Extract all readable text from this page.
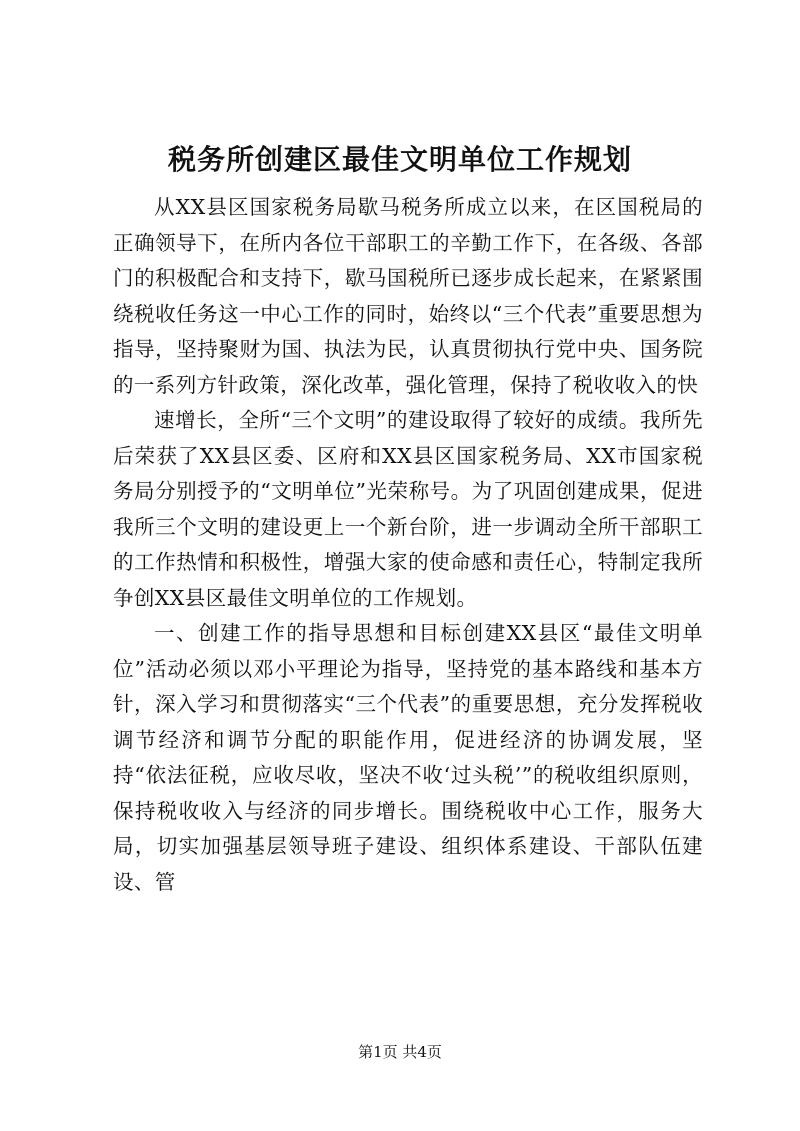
税务所创建区最佳文明单位工作规划

从XX县区国家税务局歇马税务所成立以来，在区国税局的正确领导下，在所内各位干部职工的辛勤工作下，在各级、各部门的积极配合和支持下，歇马国税所已逐步成长起来，在紧紧围绕税收任务这一中心工作的同时，始终以“三个代表”重要思想为指导，坚持聚财为国、执法为民，认真贯彻执行党中央、国务院的一系列方针政策，深化改革，强化管理，保持了税收收入的快

速增长，全所“三个文明”的建设取得了较好的成绩。我所先后荣获了XX县区委、区府和XX县区国家税务局、XX市国家税务局分别授予的“文明单位”光荣称号。为了巩固创建成果，促进我所三个文明的建设更上一个新台阶，进一步调动全所干部职工的工作热情和积极性，增强大家的使命感和责任心，特制定我所争创XX县区最佳文明单位的工作规划。

一、创建工作的指导思想和目标创建XX县区“最佳文明单位”活动必须以邓小平理论为指导，坚持党的基本路线和基本方针，深入学习和贯彻落实“三个代表”的重要思想，充分发挥税收调节经济和调节分配的职能作用，促进经济的协调发展，坚持“依法征税，应收尽收，坚决不收‘过头税’”的税收组织原则，保持税收收入与经济的同步增长。围绕税收中心工作，服务大局，切实加强基层领导班子建设、组织体系建设、干部队伍建设、管

第1页 共4页
